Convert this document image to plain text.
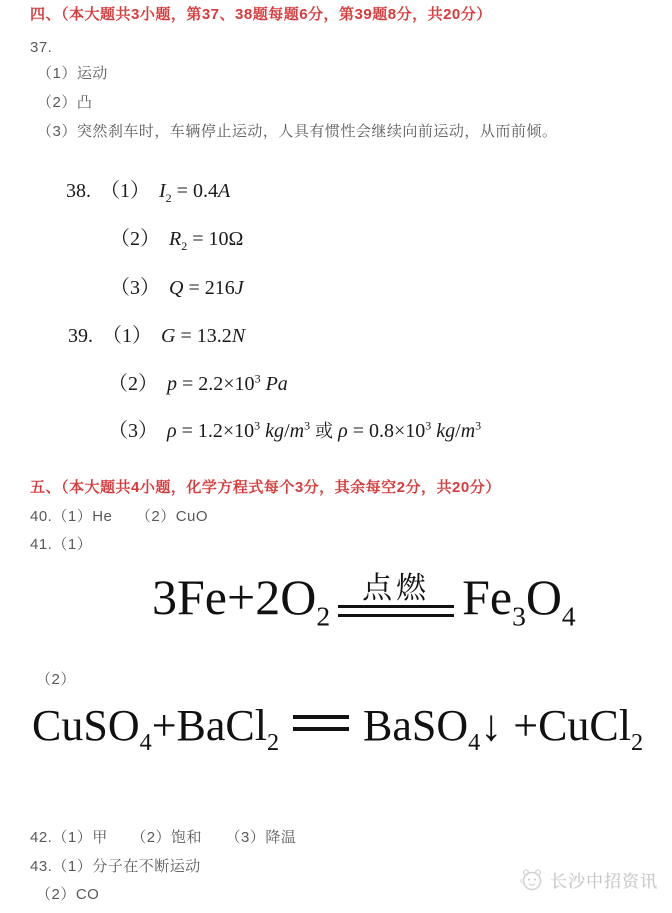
四、（本大题共3小题，第37、38题每题6分，第39题8分，共20分）
37.
（1）运动
（2）凸
（3）突然刹车时，车辆停止运动，人具有惯性会继续向前运动，从而前倾。

38. （1） $I_2 = 0.4A$

（2） $R_2 = 10\Omega$

（3） Q = 216J

39. （1） G = 13.2N

（2） $p = 2.2\times 10^3$ Pa

（3） $\rho = 1.2\times 10^3$ $kg/m^3$ 或 $\rho = 0.8\times 10^3$ $kg/m^3$

五、（本大题共4小题，化学方程式每个3分，其余每空2分，共20分）
40.（1）He　　（2）CuO
41.（1）
$3Fe+2O_2$
点燃 $Fe_3O_4$
（2）
CuSO$_4$+BaCl$_2$ BaSO$_4$↓ +CuCl$_2$
42.（1）甲　　（2）饱和　　（3）降温
43.（1）分子在不断运动
（2）CO
长沙中招资讯
